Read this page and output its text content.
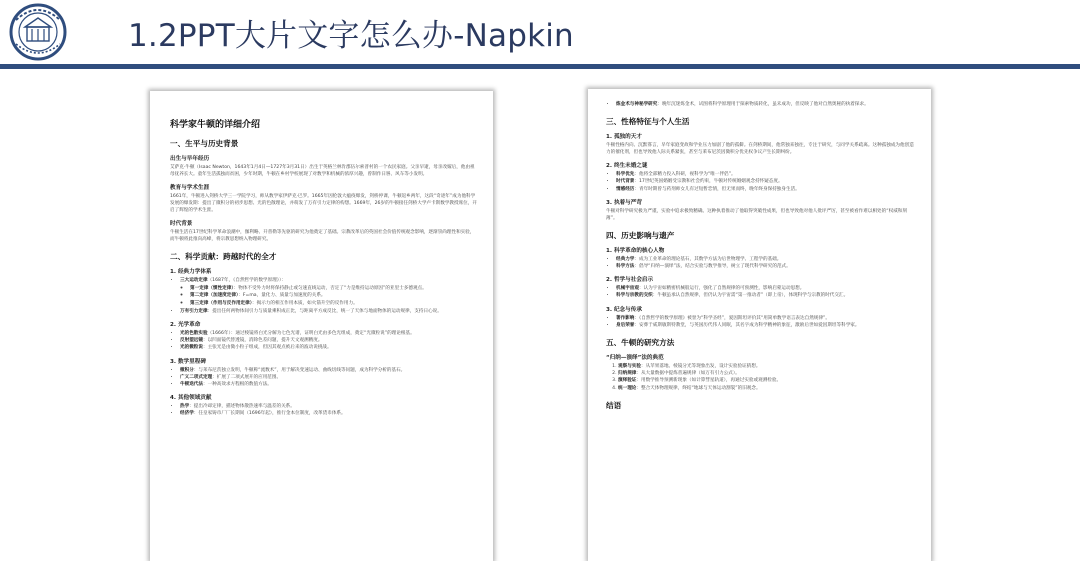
1.2PPT大片文字怎么办-Napkin
科学家牛顿的详细介绍
一、生平与历史背景
出生与早年经历
艾萨克·牛顿（Isaac Newton，1643年1月4日—1727年3月31日）出生于英格兰林肯郡伍尔索普村的一个农民家庭。父亲早逝，母亲改嫁后，他由祖母抚养长大。童年生活孤独而贫困，少年时期，牛顿在乡村学校展现了对数学和机械的浓厚兴趣，曾制作日晷、风车等小发明。
教育与学术生涯
1661年，牛顿进入剑桥大学三一学院学习，师从数学家伊萨克·巴罗。1665年因伦敦大瘟疫爆发，剑桥停课，牛顿返乡两年，这段“奇迹年”成为他科学发展的爆发期：提出了微积分的初步思想、光的色散理论，并萌发了万有引力定律的构想。1669年，26岁的牛顿接任剑桥大学卢卡斯数学教授席位，开启了辉煌的学术生涯。
时代背景
牛顿生活在17世纪科学革命浪潮中，伽利略、开普勒等先驱的研究为他奠定了基础。宗教改革后的英国社会价值传统观念影响，逐渐崇尚理性和实验，而牛顿将此推向高峰，将宗教思想纳入物理研究。
二、科学贡献：跨越时代的全才
1. 经典力学体系
• 三大运动定律（1687年，《自然哲学的数学原理》）：
◦ 第一定律（惯性定律）：物体不受外力时将保持静止或匀速直线运动，否定了“力是维持运动原因”的亚里士多德观点。
◦ 第二定律（加速度定律）：F=ma，量化力、质量与加速度的关系。
◦ 第三定律（作用与反作用定律）：揭示力的相互作用本质，如火箭升空的反作用力。
• 万有引力定律：提出任何两物体间引力与质量乘积成正比，与距离平方成反比，统一了天体与地面物体的运动规律，支持日心说。
2. 光学革命
• 光的色散实验（1666年）：通过棱镜将白光分解为七色光谱，证明白光由多色光组成，奠定“光微粒说”的理论根基。
• 反射望远镜：以凹面镜代替透镜，消除色差问题，提升天文观测精度。
• 光的微粒说：主张光是由微小粒子组成，但因其观点被后来的波动说挑战。
3. 数学里程碑
• 微积分：与莱布尼茨独立发明，牛顿称“流数术”，用于解决变速运动、曲线切线等问题，成为科学分析的基石。
• 广义二项式定理：扩展了二项式展开的应用范围。
• 牛顿迭代法：一种高效求方程根的数值方法。
4. 其他领域贡献
• 热学：提出冷却定律，描述物体散热速率与温差的关系。
• 经济学：任皇家铸币厂厂长期间（1696年起），推行金本位制度，改革货币体系。
• 炼金术与神秘学研究：晚年沉迷炼金术，试图将科学原理用于探索物质转化，虽未成功，但反映了他对自然奥秘的执着探求。
三、性格特征与个人生活
1. 孤独的天才
牛顿性格内向、沉默寡言，早年家庭变故和学业压力加剧了他的孤僻。在剑桥期间，他常独来独往，专注于研究，与同学关系疏离。这种孤独成为他创造力的催化剂，但也导致他人际关系紧张，甚至与莱布尼茨因微积分优先权争议产生长期纠纷。
2. 终生未婚之谜
• 科学优先：他将全部精力投入科研，视科学为“唯一伴侣”。
• 时代背景：17世纪英国婚姻受宗教和社会约束，牛顿对传统婚姻观念持怀疑态度。
• 情感经历：青年时期曾与药剂师女儿有过短暂恋情，但无果而终，晚年终身保持独身生活。
3. 执着与严苛
牛顿对科学研究极为严谨，实验中追求极致精确。这种执着推动了他取得突破性成果，但也导致他对他人批评严厉，甚至被看作难以相处的“权威和刻薄”。
四、历史影响与遗产
1. 科学革命的核心人物
• 经典力学：成为工业革命的理论基石，其数学方法为后世物理学、工程学的基础。
• 科学方法：倡导“归纳—演绎”法，结合实验与数学推导，树立了现代科学研究的范式。
2. 哲学与社会启示
• 机械宇宙观：认为宇宙如精密机械般运行，强化了自然规律的可预测性，影响启蒙运动思想。
• 科学与宗教的交织：牛顿虽承认自然规律，但仍认为宇宙需“第一推动者”（即上帝），体现科学与宗教的时代交汇。
3. 纪念与传承
• 著作影响：《自然哲学的数学原理》被誉为“科学圣经”，爱因斯坦评价其“用简单数学语言表达自然规律”。
• 身后荣誉：安葬于威斯敏斯特教堂，与英国历代伟人同眠，其名字成为科学精神的象征，激励后世如爱因斯坦等科学家。
五、牛顿的研究方法
“归纳—演绎”法的典范
1. 观察与实验：从苹果落地、棱镜分光等现象出发，设计实验验证猜想。
2. 归纳规律：从大量数据中提炼普遍规律（如万有引力公式）。
3. 演绎验证：用数学推导预测新现象（如计算彗星轨道），再通过实验或观测检验。
4. 统一理论：整合天体物理规律，终结“地球与天体运动割裂”的旧观念。
结语
